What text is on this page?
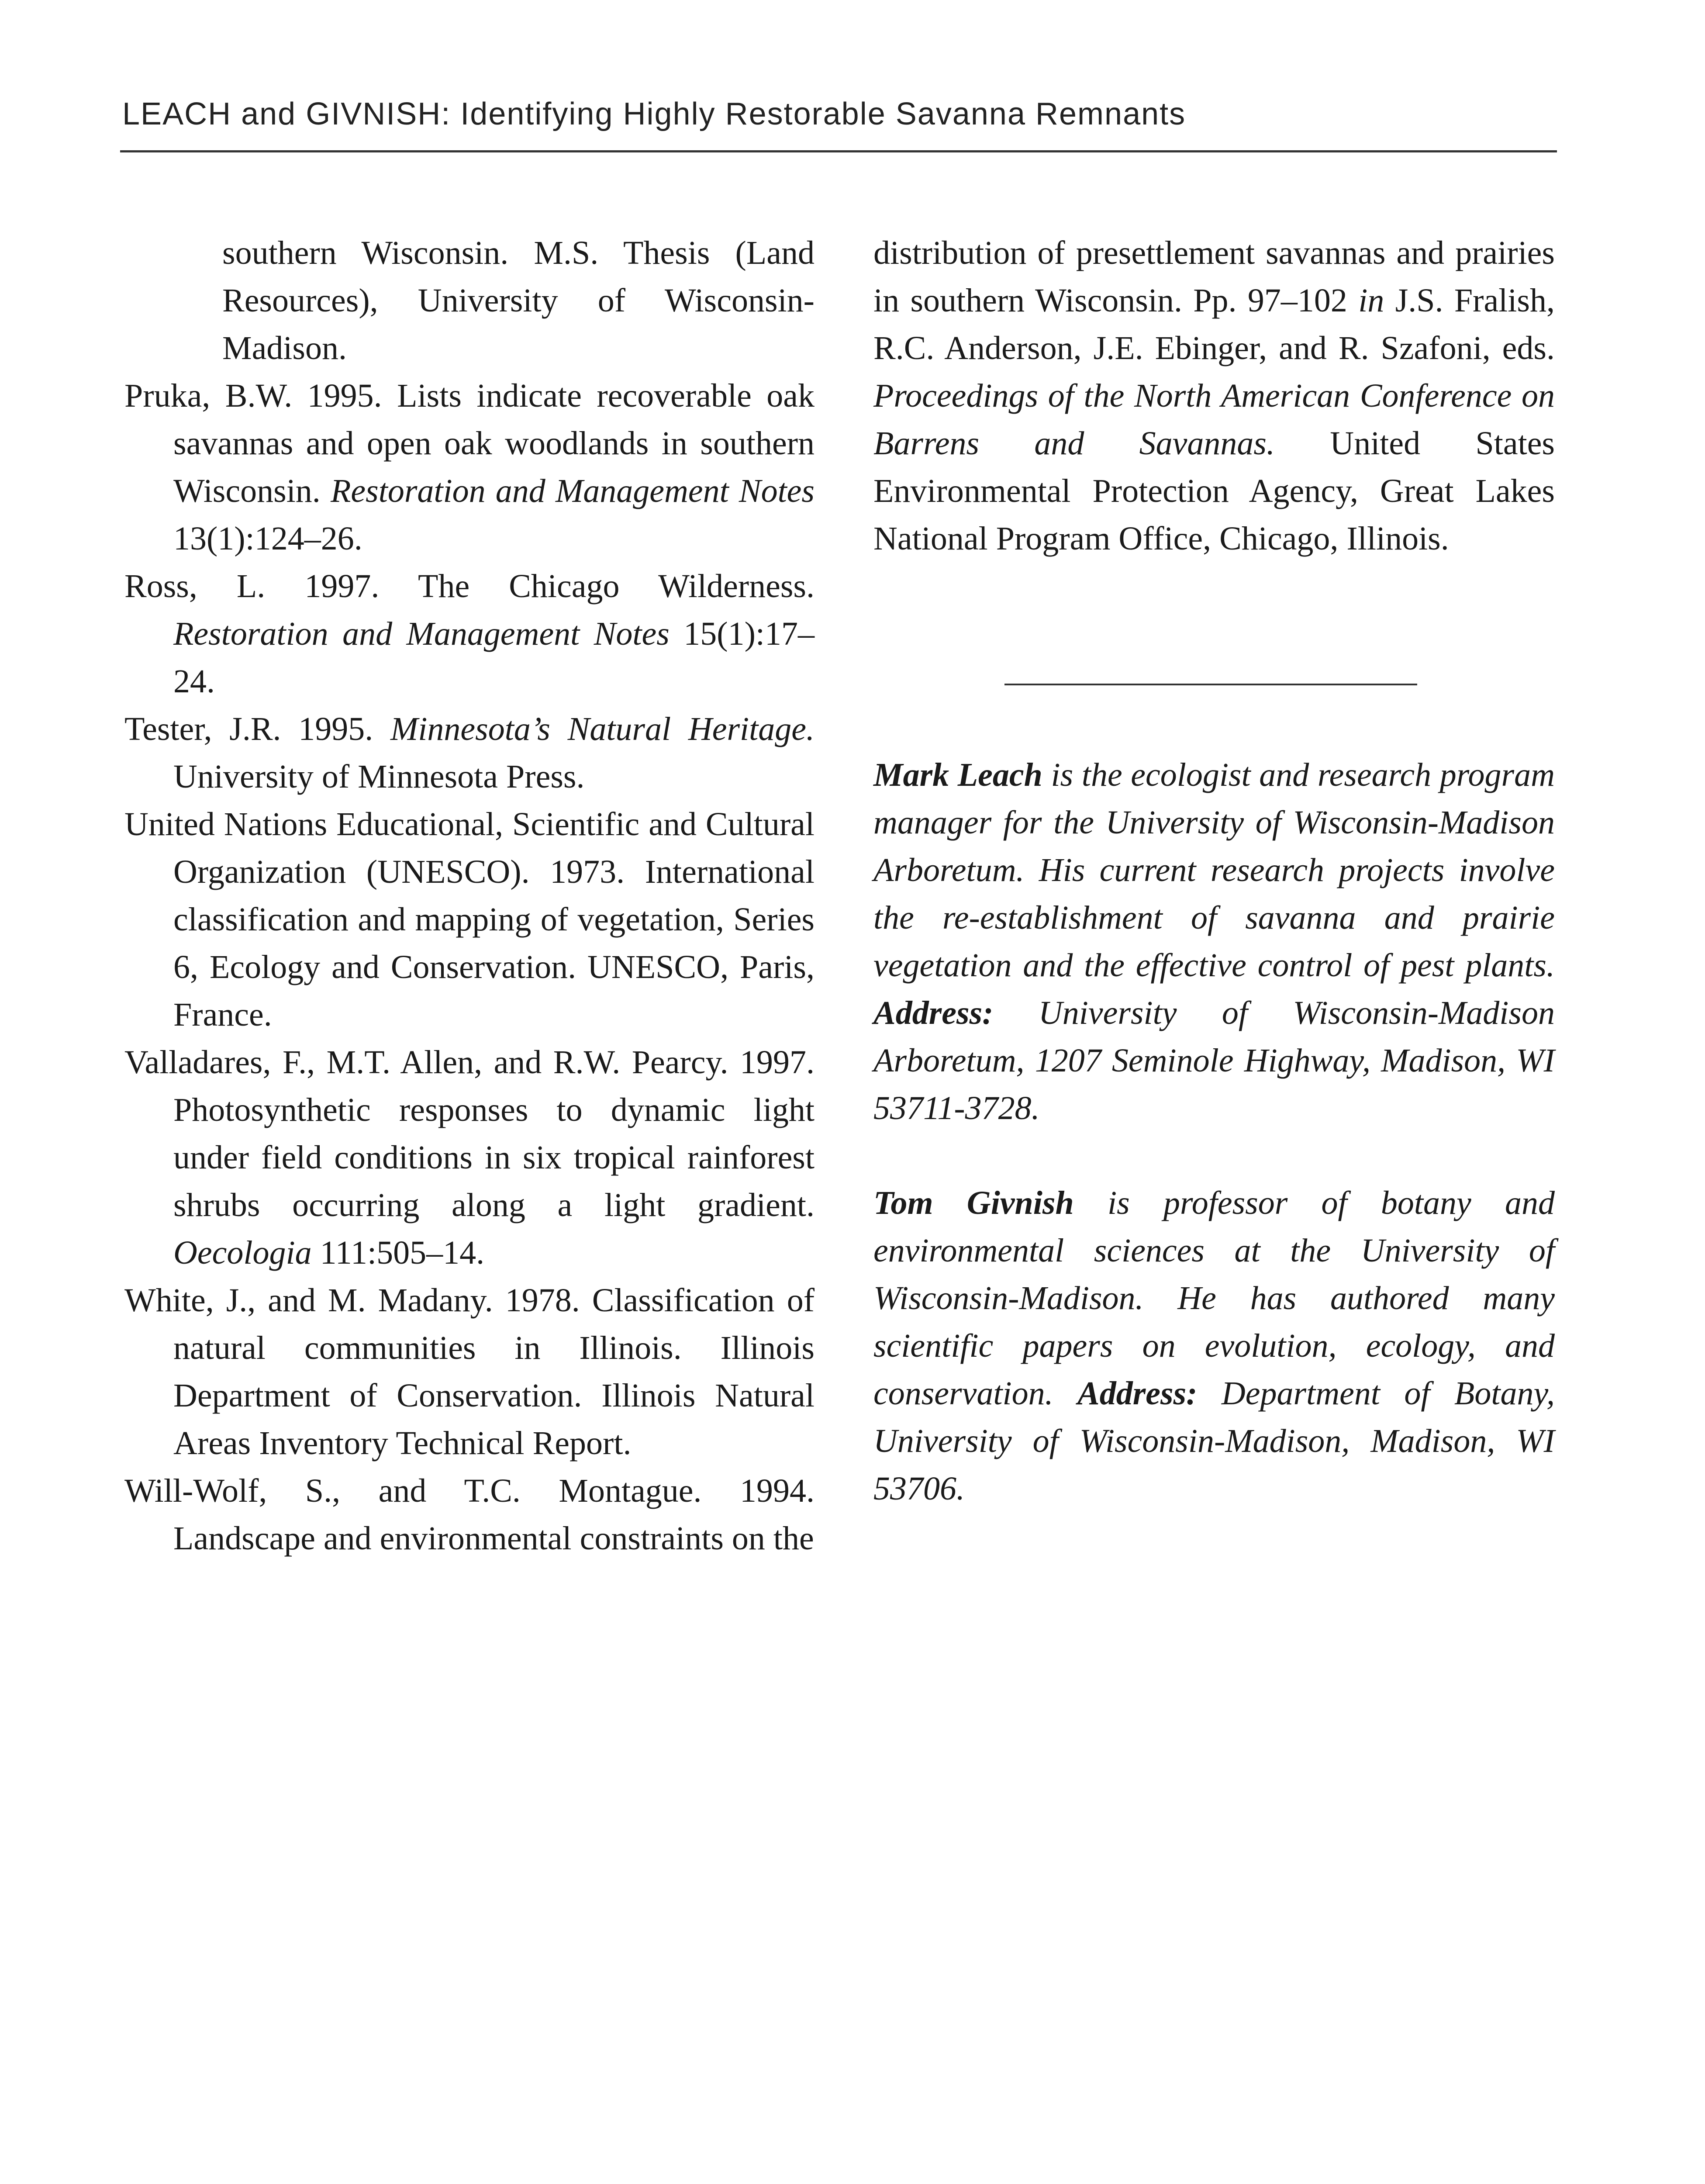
LEACH and GIVNISH: Identifying Highly Restorable Savanna Remnants

southern Wisconsin. M.S. Thesis (Land Resources), University of Wisconsin-Madison.

Pruka, B.W. 1995. Lists indicate recoverable oak savannas and open oak woodlands in southern Wisconsin. Restoration and Management Notes 13(1):124–26.

Ross, L. 1997. The Chicago Wilderness. Restoration and Management Notes 15(1):17–24.

Tester, J.R. 1995. Minnesota’s Natural Heritage. University of Minnesota Press.

United Nations Educational, Scientific and Cultural Organization (UNESCO). 1973. International classification and mapping of vegetation, Series 6, Ecology and Conservation. UNESCO, Paris, France.

Valladares, F., M.T. Allen, and R.W. Pearcy. 1997. Photosynthetic responses to dynamic light under field conditions in six tropical rainforest shrubs occurring along a light gradient. Oecologia 111:505–14.

White, J., and M. Madany. 1978. Classification of natural communities in Illinois. Illinois Department of Conservation. Illinois Natural Areas Inventory Technical Report.

Will-Wolf, S., and T.C. Montague. 1994. Landscape and environmental constraints on the

distribution of presettlement savannas and prairies in southern Wisconsin. Pp. 97–102 in J.S. Fralish, R.C. Anderson, J.E. Ebinger, and R. Szafoni, eds. Proceedings of the North American Conference on Barrens and Savannas. United States Environmental Protection Agency, Great Lakes National Program Office, Chicago, Illinois.

Mark Leach is the ecologist and research program manager for the University of Wisconsin-Madison Arboretum. His current research projects involve the re-establishment of savanna and prairie vegetation and the effective control of pest plants. Address: University of Wisconsin-Madison Arboretum, 1207 Seminole Highway, Madison, WI 53711-3728.

Tom Givnish is professor of botany and environmental sciences at the University of Wisconsin-Madison. He has authored many scientific papers on evolution, ecology, and conservation. Address: Department of Botany, University of Wisconsin-Madison, Madison, WI 53706.
